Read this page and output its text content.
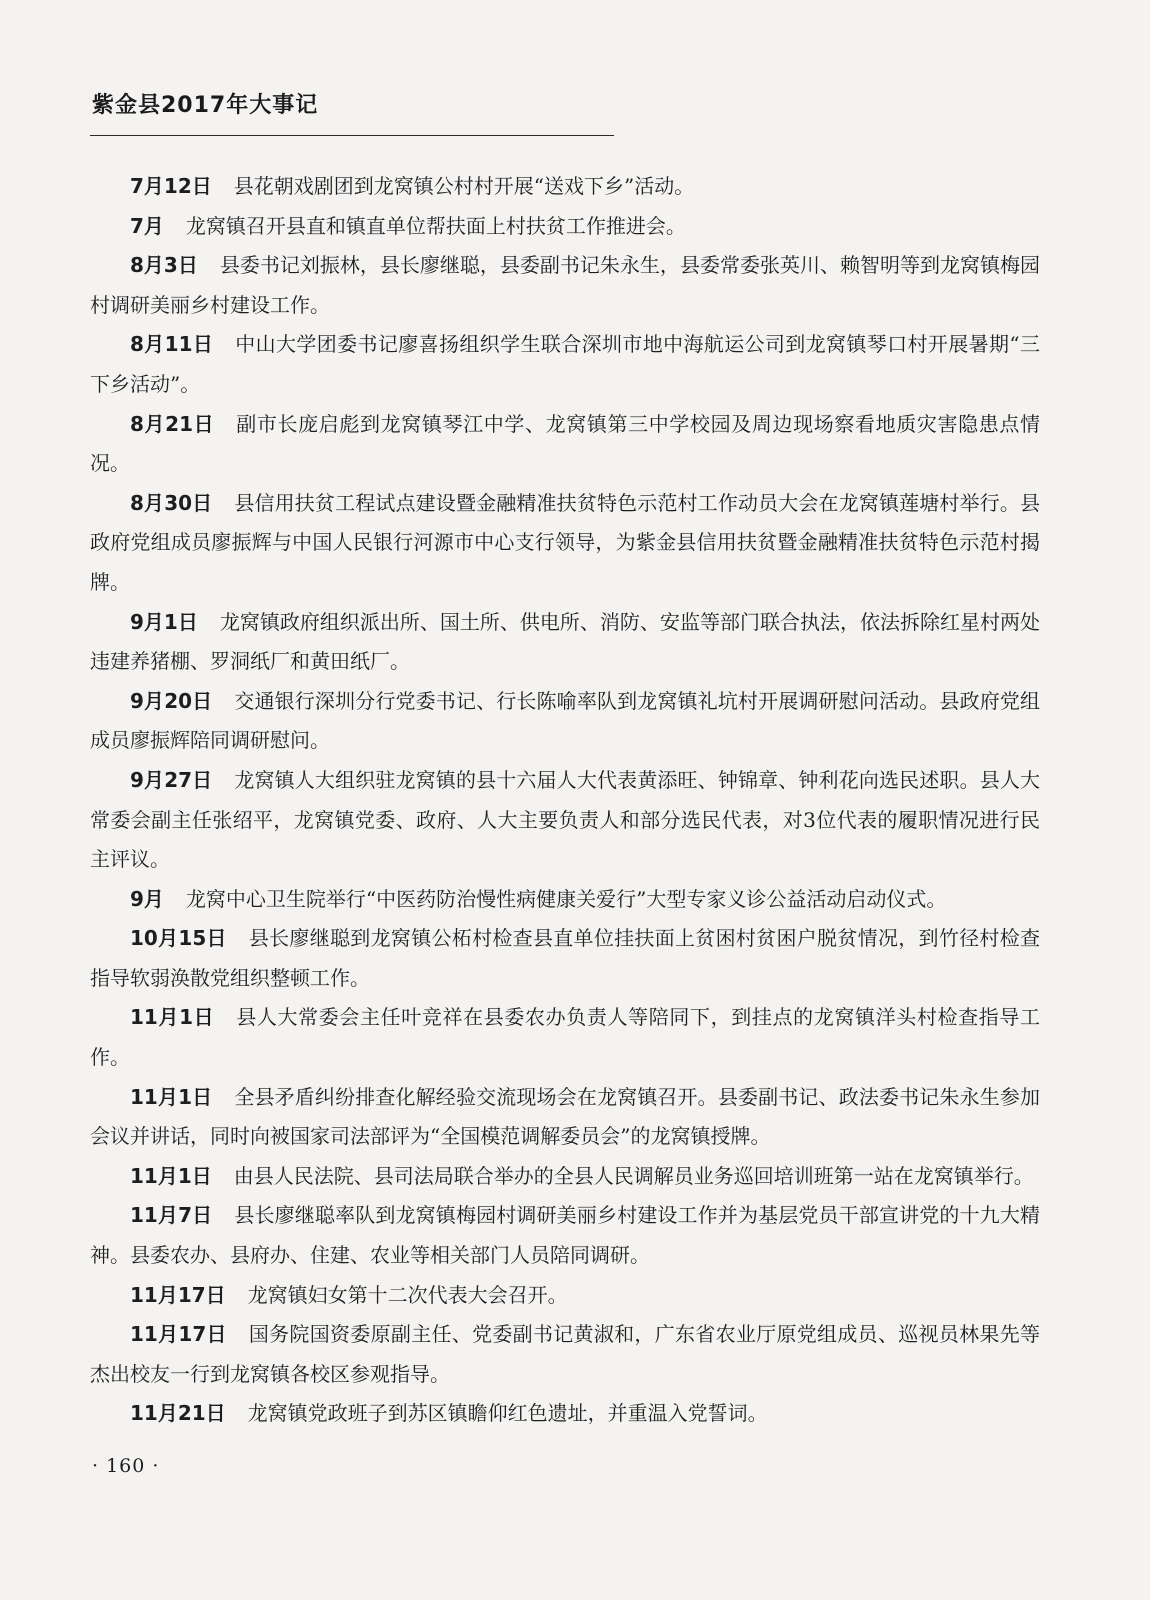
紫金县2017年大事记

7月12日 县花朝戏剧团到龙窝镇公村村开展“送戏下乡”活动。

7月 龙窝镇召开县直和镇直单位帮扶面上村扶贫工作推进会。

8月3日 县委书记刘振林，县长廖继聪，县委副书记朱永生，县委常委张英川、赖智明等到龙窝镇梅园村调研美丽乡村建设工作。

8月11日 中山大学团委书记廖喜扬组织学生联合深圳市地中海航运公司到龙窝镇琴口村开展暑期“三下乡活动”。

8月21日 副市长庞启彪到龙窝镇琴江中学、龙窝镇第三中学校园及周边现场察看地质灾害隐患点情况。

8月30日 县信用扶贫工程试点建设暨金融精准扶贫特色示范村工作动员大会在龙窝镇莲塘村举行。县政府党组成员廖振辉与中国人民银行河源市中心支行领导，为紫金县信用扶贫暨金融精准扶贫特色示范村揭牌。

9月1日 龙窝镇政府组织派出所、国土所、供电所、消防、安监等部门联合执法，依法拆除红星村两处违建养猪棚、罗洞纸厂和黄田纸厂。

9月20日 交通银行深圳分行党委书记、行长陈喻率队到龙窝镇礼坑村开展调研慰问活动。县政府党组成员廖振辉陪同调研慰问。

9月27日 龙窝镇人大组织驻龙窝镇的县十六届人大代表黄添旺、钟锦章、钟利花向选民述职。县人大常委会副主任张绍平，龙窝镇党委、政府、人大主要负责人和部分选民代表，对3位代表的履职情况进行民主评议。

9月 龙窝中心卫生院举行“中医药防治慢性病健康关爱行”大型专家义诊公益活动启动仪式。

10月15日 县长廖继聪到龙窝镇公柘村检查县直单位挂扶面上贫困村贫困户脱贫情况，到竹径村检查指导软弱涣散党组织整顿工作。

11月1日 县人大常委会主任叶竞祥在县委农办负责人等陪同下，到挂点的龙窝镇洋头村检查指导工作。

11月1日 全县矛盾纠纷排查化解经验交流现场会在龙窝镇召开。县委副书记、政法委书记朱永生参加会议并讲话，同时向被国家司法部评为“全国模范调解委员会”的龙窝镇授牌。

11月1日 由县人民法院、县司法局联合举办的全县人民调解员业务巡回培训班第一站在龙窝镇举行。

11月7日 县长廖继聪率队到龙窝镇梅园村调研美丽乡村建设工作并为基层党员干部宣讲党的十九大精神。县委农办、县府办、住建、农业等相关部门人员陪同调研。

11月17日 龙窝镇妇女第十二次代表大会召开。

11月17日 国务院国资委原副主任、党委副书记黄淑和，广东省农业厅原党组成员、巡视员林果先等杰出校友一行到龙窝镇各校区参观指导。

11月21日 龙窝镇党政班子到苏区镇瞻仰红色遗址，并重温入党誓词。

· 160 ·
